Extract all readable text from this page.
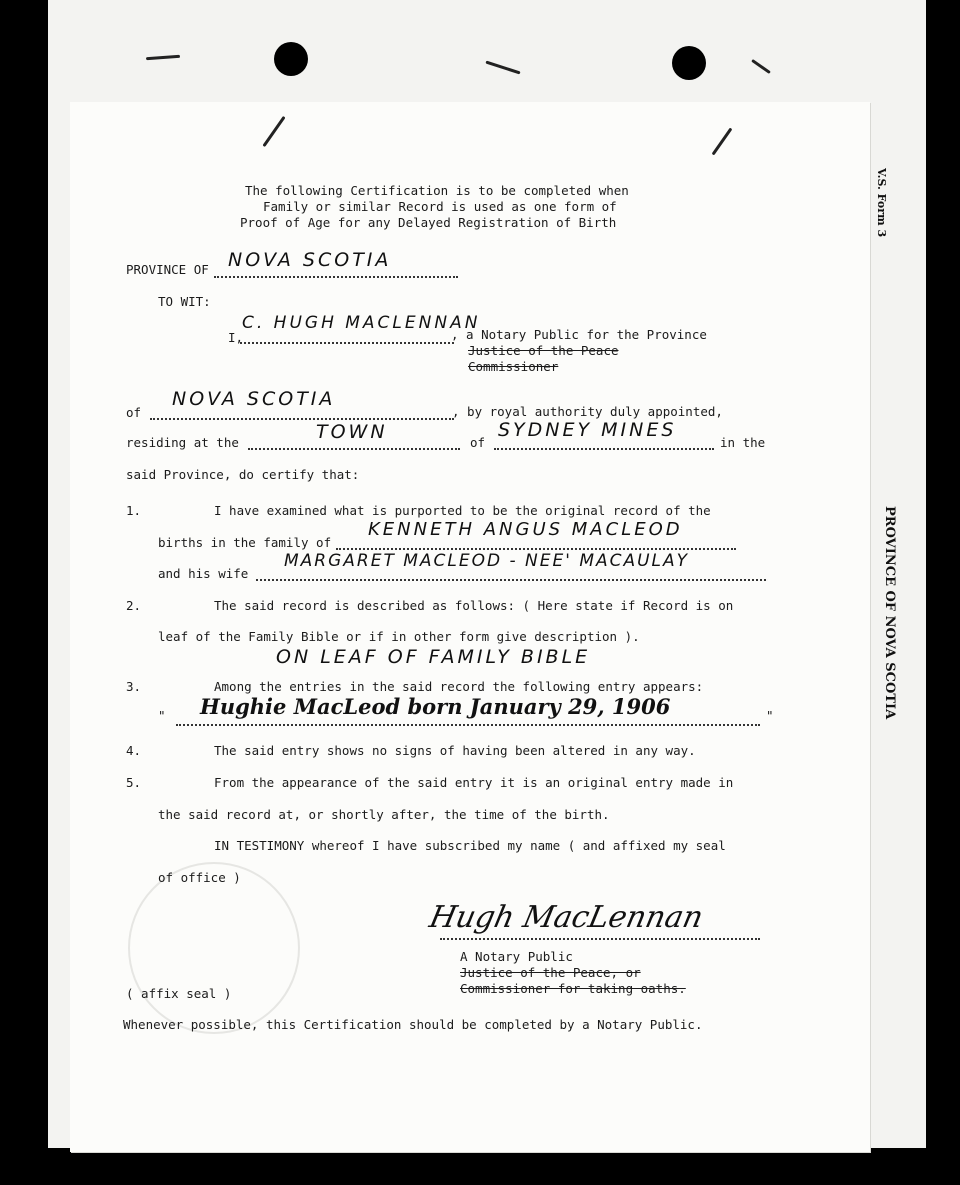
V.S. Form 3
PROVINCE OF NOVA SCOTIA
The following Certification is to be completed when
Family or similar Record is used as one form of
Proof of Age for any Delayed Registration of Birth
PROVINCE OF NOVA SCOTIA
TO WIT:
I,
C. HUGH MACLENNAN
, a Notary Public for the Province
Justice of the Peace
Commissioner
of
NOVA SCOTIA
, by royal authority duly appointed,
residing at the	TOWN	of
SYDNEY MINES
in the
said Province, do certify that:
1.	I have examined what is purported to be the original record of the
births in the family of
KENNETH ANGUS MACLEOD
and his wife
MARGARET MACLEOD - NEE' MACAULAY
2.	The said record is described as follows: ( Here state if Record is on
leaf of the Family Bible or if in other form give description ).
ON LEAF OF FAMILY BIBLE
3.	Among the entries in the said record the following entry appears:
" Hughie MacLeod born January 29, 1906	"
4.	The said entry shows no signs of having been altered in any way.
5.	From the appearance of the said entry it is an original entry made in
the said record at, or shortly after, the time of the birth.
IN TESTIMONY whereof I have subscribed my name ( and affixed my seal
of office )
Hugh MacLennan
A Notary Public
Justice of the Peace, or
Commissioner for taking oaths.
( affix seal )
Whenever possible, this Certification should be completed by a Notary Public.
